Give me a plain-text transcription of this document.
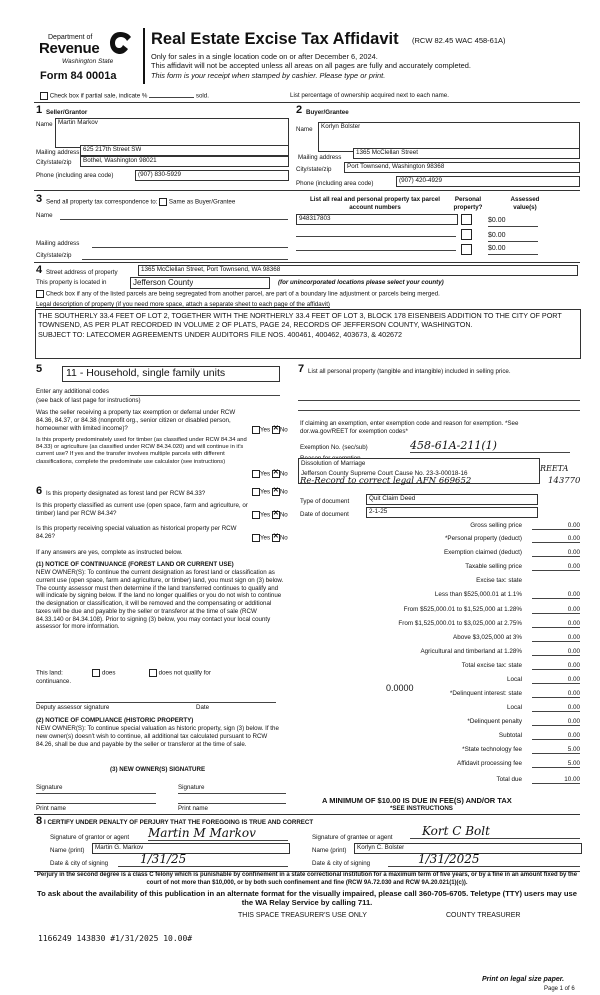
Department of
Revenue
Washington State
Form 84 0001a
Real Estate Excise Tax Affidavit (RCW 82.45 WAC 458-61A)
Only for sales in a single location code on or after December 6, 2024.
This affidavit will not be accepted unless all areas on all pages are fully and accurately completed.
This form is your receipt when stamped by cashier. Please type or print.
Check box if partial sale, indicate %	sold.	List percentage of ownership acquired next to each name.
1 Seller/Grantor
Name Martin Markov
Mailing address 625 217th Street SW
City/state/zip Bothel, Washington 98021
Phone (including area code)	(907) 830-5929
2 Buyer/Grantee
Name Korlyn Bolster
Mailing address
1365 McClellan Street
City/state/zip Port Townsend, Washington 98368
Phone (including area code)	(907) 420-4929
3 Send all property tax correspondence to: Same as Buyer/Grantee
Name
Mailing address
City/state/zip
List all real and personal property tax parcel account numbers
Personal property?
Assessed value(s)
948317803	$0.00
$0.00
$0.00
4 Street address of property	1365 McClellan Street, Port Townsend, WA 98368
This property is located in	Jefferson County	(for unincorporated locations please select your county)
Check box if any of the listed parcels are being segregated from another parcel, are part of a boundary line adjustment or parcels being merged.
Legal description of property (if you need more space, attach a separate sheet to each page of the affidavit)
THE SOUTHERLY 33.4 FEET OF LOT 2, TOGETHER WITH THE NORTHERLY 33.4 FEET OF LOT 3, BLOCK 178 EISENBEIS ADDITION TO THE CITY OF PORT TOWNSEND, AS PER PLAT RECORDED IN VOLUME 2 OF PLATS, PAGE 24, RECORDS OF JEFFERSON COUNTY, WASHINGTON.
SUBJECT TO: LATECOMER AGREEMENTS UNDER AUDITORS FILE NOS. 400461, 400462, 403673, & 402672
5 11 - Household, single family units
Enter any additional codes
(see back of last page for instructions)
Was the seller receiving a property tax exemption or deferral under RCW 84.36, 84.37, or 84.38 (nonprofit org., senior citizen or disabled person, homeowner with limited income)?	Yes ✕ No
Is this property predominately used for timber (as classified under RCW 84.34 and 84.33) or agriculture (as classified under RCW 84.34.020) and will continue in it's current use? If yes and the transfer involves multiple parcels with different classifications, complete the predominate use calculator (see instructions)
Yes ✕ No
6 Is this property designated as forest land per RCW 84.33?	Yes ✕ No
Is this property classified as current use (open space, farm and agriculture, or timber) land per RCW 84.34?	Yes ✕ No
Is this property receiving special valuation as historical property per RCW 84.26?	Yes ✕ No
If any answers are yes, complete as instructed below.
(1) NOTICE OF CONTINUANCE (FOREST LAND OR CURRENT USE)
NEW OWNER(S): To continue the current designation as forest land or classification as current use (open space, farm and agriculture, or timber) land, you must sign on (3) below. The county assessor must then determine if the land transferred continues to qualify and will indicate by signing below. If the land no longer qualifies or you do not wish to continue the designation or classification, it will be removed and the compensating or additional taxes will be due and payable by the seller or transferor at the time of sale (RCW 84.33.140 or 84.34.108). Prior to signing (3) below, you may contact your local county assessor for more information.
This land:	does	does not qualify for
continuance.
Deputy assessor signature	Date
(2) NOTICE OF COMPLIANCE (HISTORIC PROPERTY)
NEW OWNER(S): To continue special valuation as historic property, sign (3) below. If the new owner(s) doesn't wish to continue, all additional tax calculated pursuant to RCW 84.26, shall be due and payable by the seller or transferor at the time of sale.
(3) NEW OWNER(S) SIGNATURE
Signature	Signature
Print name	Print name
7 List all personal property (tangible and intangible) included in selling price.
If claiming an exemption, enter exemption code and reason for exemption. *See dor.wa.gov/REET for exemption codes*
Exemption No. (sec/sub)	458-61A-211(1)
Dissolution of Marriage
Jefferson County Supreme Court Cause No. 23-3-00018-16
REETA
Re-Record to correct legal AFN 669652	143770
Type of document	Quit Claim Deed
Date of document	2-1-25
Gross selling price	0.00
*Personal property (deduct)	0.00
Exemption claimed (deduct)	0.00
Taxable selling price	0.00
Excise tax: state
Less than $525,000.01 at 1.1%	0.00
From $525,000.01 to $1,525,000 at 1.28%	0.00
From $1,525,000.01 to $3,025,000 at 2.75%	0.00
Above $3,025,000 at 3%	0.00
Agricultural and timberland at 1.28%	0.00
Total excise tax: state	0.00
Local	0.00
*Delinquent interest: state	0.00
Local	0.00
*Delinquent penalty	0.00
Subtotal	0.00
*State technology fee	5.00
Affidavit processing fee	5.00
Total due	10.00
0.0000
A MINIMUM OF $10.00 IS DUE IN FEE(S) AND/OR TAX
*SEE INSTRUCTIONS
8 I CERTIFY UNDER PENALTY OF PERJURY THAT THE FOREGOING IS TRUE AND CORRECT
Signature of grantor or agent Martin M Markov
Name (print) Martin G. Markov
Date & city of signing	1/31/25
Signature of grantee or agent	Kort C Bolt
Name (print) Korlyn C. Bolster
Date & city of signing	1/31/2025
Perjury in the second degree is a class C felony which is punishable by confinement in a state correctional institution for a maximum term of five years, or by a fine in an amount fixed by the court of not more than $10,000, or by both such confinement and fine (RCW 9A.72.030 and RCW 9A.20.021(1)(c)).
To ask about the availability of this publication in an alternate format for the visually impaired, please call 360-705-6705. Teletype (TTY) users may use the WA Relay Service by calling 711.
THIS SPACE TREASURER'S USE ONLY	COUNTY TREASURER
1166249 143830 #1/31/2025 10.00#
Print on legal size paper.
Page 1 of 6
